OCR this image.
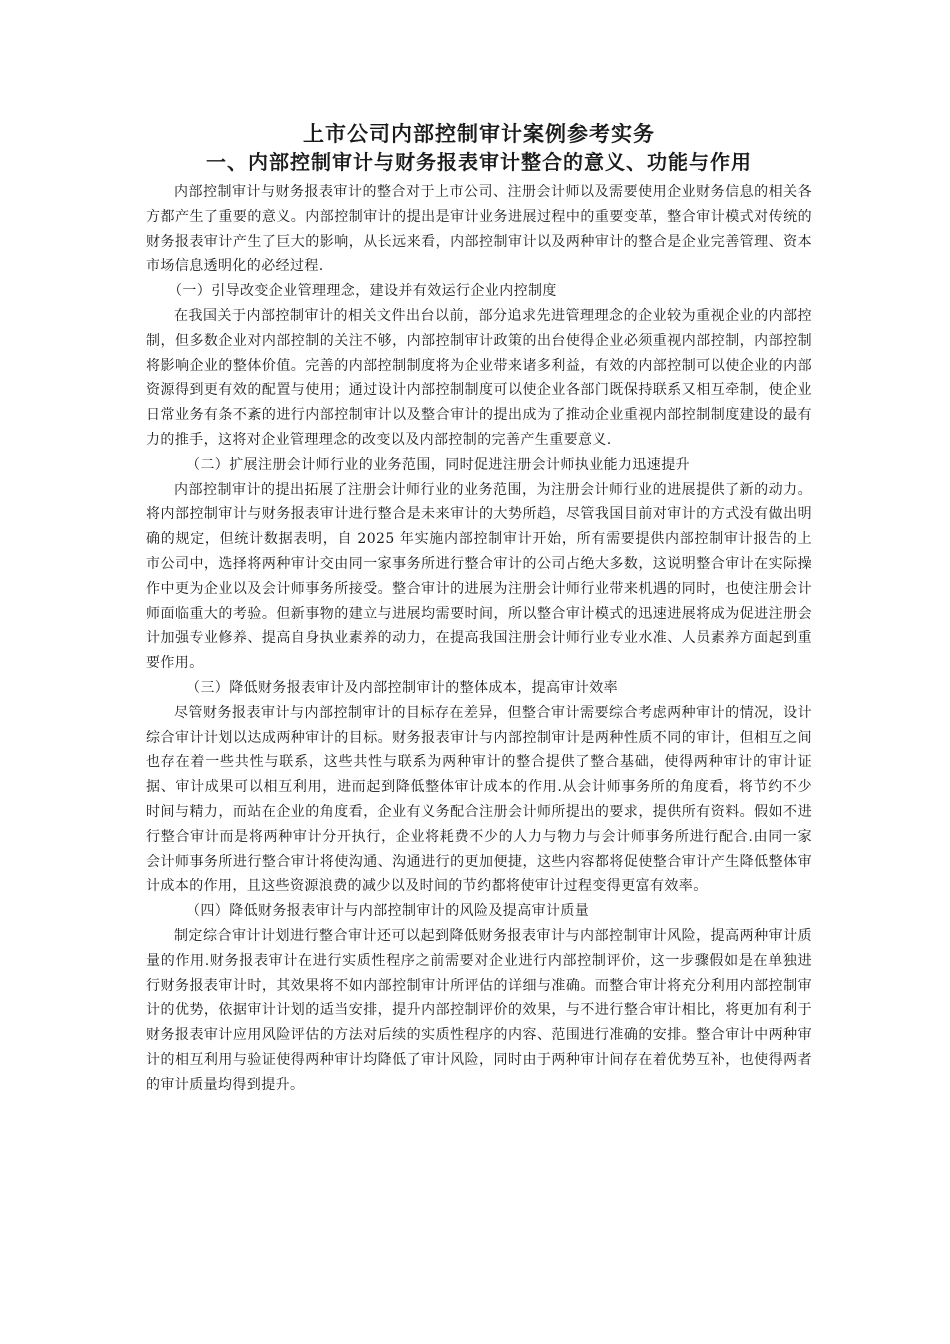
上市公司内部控制审计案例参考实务
一、内部控制审计与财务报表审计整合的意义、功能与作用

内部控制审计与财务报表审计的整合对于上市公司、注册会计师以及需要使用企业财务信息的相关各方都产生了重要的意义。内部控制审计的提出是审计业务进展过程中的重要变革，整合审计模式对传统的财务报表审计产生了巨大的影响，从长远来看，内部控制审计以及两种审计的整合是企业完善管理、资本市场信息透明化的必经过程.

（一）引导改变企业管理理念，建设并有效运行企业内控制度

在我国关于内部控制审计的相关文件出台以前，部分追求先进管理理念的企业较为重视企业的内部控制，但多数企业对内部控制的关注不够，内部控制审计政策的出台使得企业必须重视内部控制，内部控制将影响企业的整体价值。完善的内部控制制度将为企业带来诸多利益，有效的内部控制可以使企业的内部资源得到更有效的配置与使用；通过设计内部控制制度可以使企业各部门既保持联系又相互牵制，使企业日常业务有条不紊的进行内部控制审计以及整合审计的提出成为了推动企业重视内部控制制度建设的最有力的推手，这将对企业管理理念的改变以及内部控制的完善产生重要意义.

（二）扩展注册会计师行业的业务范围，同时促进注册会计师执业能力迅速提升

内部控制审计的提出拓展了注册会计师行业的业务范围，为注册会计师行业的进展提供了新的动力。将内部控制审计与财务报表审计进行整合是未来审计的大势所趋，尽管我国目前对审计的方式没有做出明确的规定，但统计数据表明，自 2025 年实施内部控制审计开始，所有需要提供内部控制审计报告的上市公司中，选择将两种审计交由同一家事务所进行整合审计的公司占绝大多数，这说明整合审计在实际操作中更为企业以及会计师事务所接受。整合审计的进展为注册会计师行业带来机遇的同时，也使注册会计师面临重大的考验。但新事物的建立与进展均需要时间，所以整合审计模式的迅速进展将成为促进注册会计加强专业修养、提高自身执业素养的动力，在提高我国注册会计师行业专业水准、人员素养方面起到重要作用。

（三）降低财务报表审计及内部控制审计的整体成本，提高审计效率

尽管财务报表审计与内部控制审计的目标存在差异，但整合审计需要综合考虑两种审计的情况，设计综合审计计划以达成两种审计的目标。财务报表审计与内部控制审计是两种性质不同的审计，但相互之间也存在着一些共性与联系，这些共性与联系为两种审计的整合提供了整合基础，使得两种审计的审计证据、审计成果可以相互利用，进而起到降低整体审计成本的作用.从会计师事务所的角度看，将节约不少时间与精力，而站在企业的角度看，企业有义务配合注册会计师所提出的要求，提供所有资料。假如不进行整合审计而是将两种审计分开执行，企业将耗费不少的人力与物力与会计师事务所进行配合.由同一家会计师事务所进行整合审计将使沟通、沟通进行的更加便捷，这些内容都将促使整合审计产生降低整体审计成本的作用，且这些资源浪费的减少以及时间的节约都将使审计过程变得更富有效率。

（四）降低财务报表审计与内部控制审计的风险及提高审计质量

制定综合审计计划进行整合审计还可以起到降低财务报表审计与内部控制审计风险，提高两种审计质量的作用.财务报表审计在进行实质性程序之前需要对企业进行内部控制评价，这一步骤假如是在单独进行财务报表审计时，其效果将不如内部控制审计所评估的详细与准确。而整合审计将充分利用内部控制审计的优势，依据审计计划的适当安排，提升内部控制评价的效果，与不进行整合审计相比，将更加有利于财务报表审计应用风险评估的方法对后续的实质性程序的内容、范围进行准确的安排。整合审计中两种审计的相互利用与验证使得两种审计均降低了审计风险，同时由于两种审计间存在着优势互补，也使得两者的审计质量均得到提升。
